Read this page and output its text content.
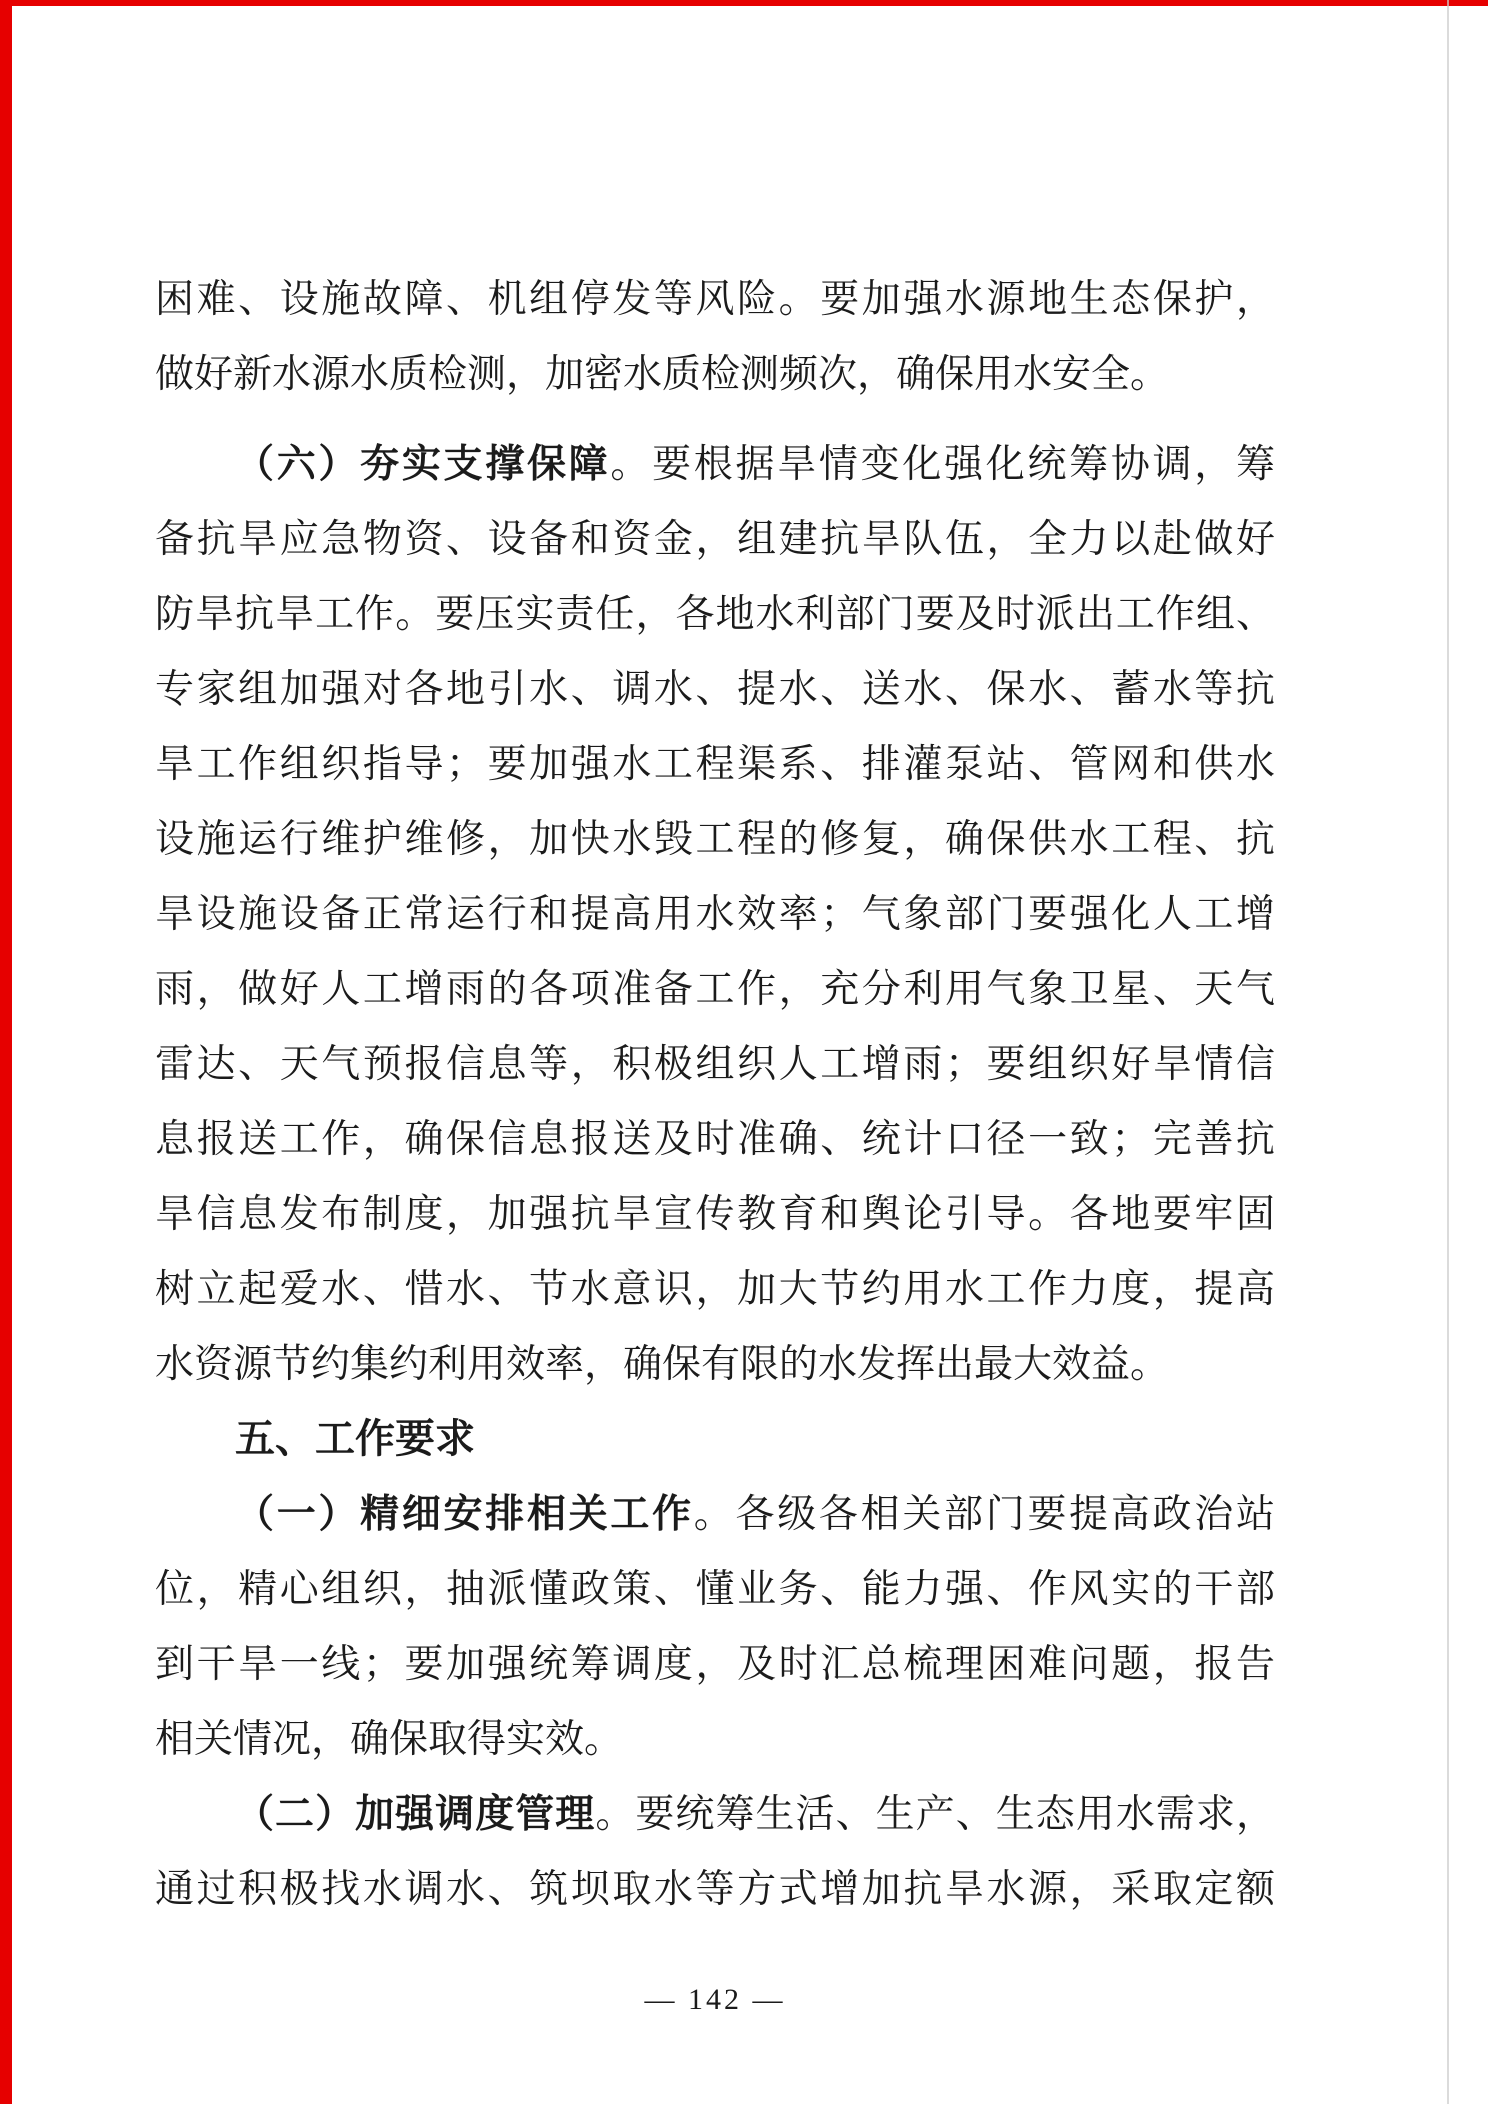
困难、设施故障、机组停发等风险。要加强水源地生态保护，
做好新水源水质检测，加密水质检测频次，确保用水安全。
（六）夯实支撑保障。要根据旱情变化强化统筹协调，筹
备抗旱应急物资、设备和资金，组建抗旱队伍，全力以赴做好
防旱抗旱工作。要压实责任，各地水利部门要及时派出工作组、
专家组加强对各地引水、调水、提水、送水、保水、蓄水等抗
旱工作组织指导；要加强水工程渠系、排灌泵站、管网和供水
设施运行维护维修，加快水毁工程的修复，确保供水工程、抗
旱设施设备正常运行和提高用水效率；气象部门要强化人工增
雨，做好人工增雨的各项准备工作，充分利用气象卫星、天气
雷达、天气预报信息等，积极组织人工增雨；要组织好旱情信
息报送工作，确保信息报送及时准确、统计口径一致；完善抗
旱信息发布制度，加强抗旱宣传教育和舆论引导。各地要牢固
树立起爱水、惜水、节水意识，加大节约用水工作力度，提高
水资源节约集约利用效率，确保有限的水发挥出最大效益。
五、工作要求
（一）精细安排相关工作。各级各相关部门要提高政治站
位，精心组织，抽派懂政策、懂业务、能力强、作风实的干部
到干旱一线；要加强统筹调度，及时汇总梳理困难问题，报告
相关情况，确保取得实效。
（二）加强调度管理。要统筹生活、生产、生态用水需求，
通过积极找水调水、筑坝取水等方式增加抗旱水源，采取定额
— 142 —
